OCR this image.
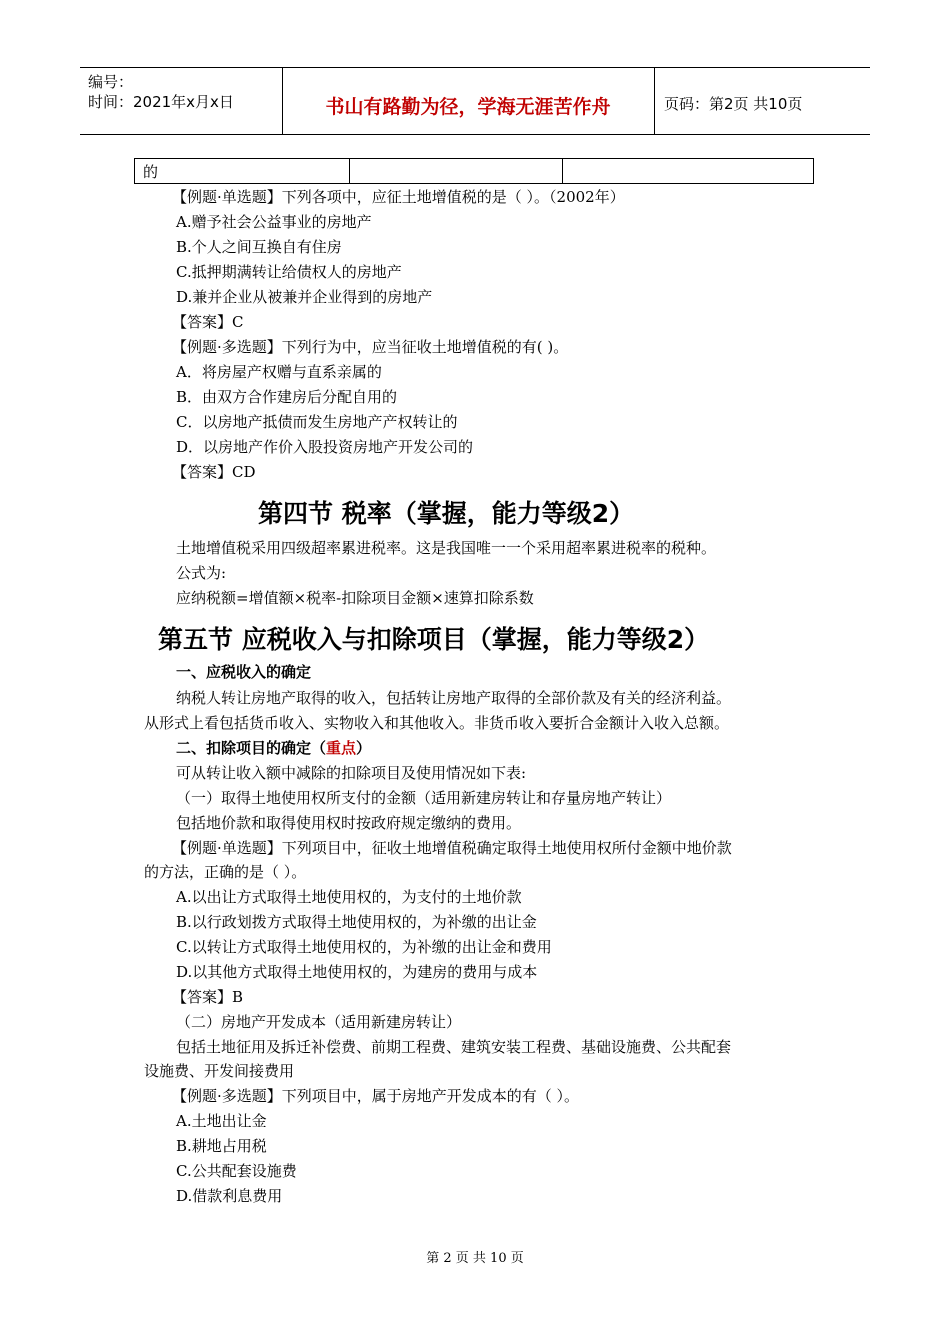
编号：
时间：2021年x月x日	书山有路勤为径，学海无涯苦作舟	页码：第2页 共10页
的
【例题·单选题】下列各项中，应征土地增值税的是（ ）。（2002年）
A.赠予社会公益事业的房地产
B.个人之间互换自有住房
C.抵押期满转让给债权人的房地产
D.兼并企业从被兼并企业得到的房地产
【答案】C
【例题·多选题】下列行为中，应当征收土地增值税的有( )。
A．将房屋产权赠与直系亲属的
B．由双方合作建房后分配自用的
C．以房地产抵债而发生房地产产权转让的
D．以房地产作价入股投资房地产开发公司的
【答案】CD
第四节 税率（掌握，能力等级2）
土地增值税采用四级超率累进税率。这是我国唯一一个采用超率累进税率的税种。
公式为:
应纳税额=增值额×税率-扣除项目金额×速算扣除系数
第五节 应税收入与扣除项目（掌握，能力等级2）
一、应税收入的确定
纳税人转让房地产取得的收入，包括转让房地产取得的全部价款及有关的经济利益。
从形式上看包括货币收入、实物收入和其他收入。非货币收入要折合金额计入收入总额。
二、扣除项目的确定（重点）
可从转让收入额中减除的扣除项目及使用情况如下表:
（一）取得土地使用权所支付的金额（适用新建房转让和存量房地产转让）
包括地价款和取得使用权时按政府规定缴纳的费用。
【例题·单选题】下列项目中，征收土地增值税确定取得土地使用权所付金额中地价款
的方法，正确的是（ ）。
A.以出让方式取得土地使用权的，为支付的土地价款
B.以行政划拨方式取得土地使用权的，为补缴的出让金
C.以转让方式取得土地使用权的，为补缴的出让金和费用
D.以其他方式取得土地使用权的，为建房的费用与成本
【答案】B
（二）房地产开发成本（适用新建房转让）
包括土地征用及拆迁补偿费、前期工程费、建筑安装工程费、基础设施费、公共配套
设施费、开发间接费用
【例题·多选题】下列项目中，属于房地产开发成本的有（ ）。
A.土地出让金
B.耕地占用税
C.公共配套设施费
D.借款利息费用
第 2 页 共 10 页
